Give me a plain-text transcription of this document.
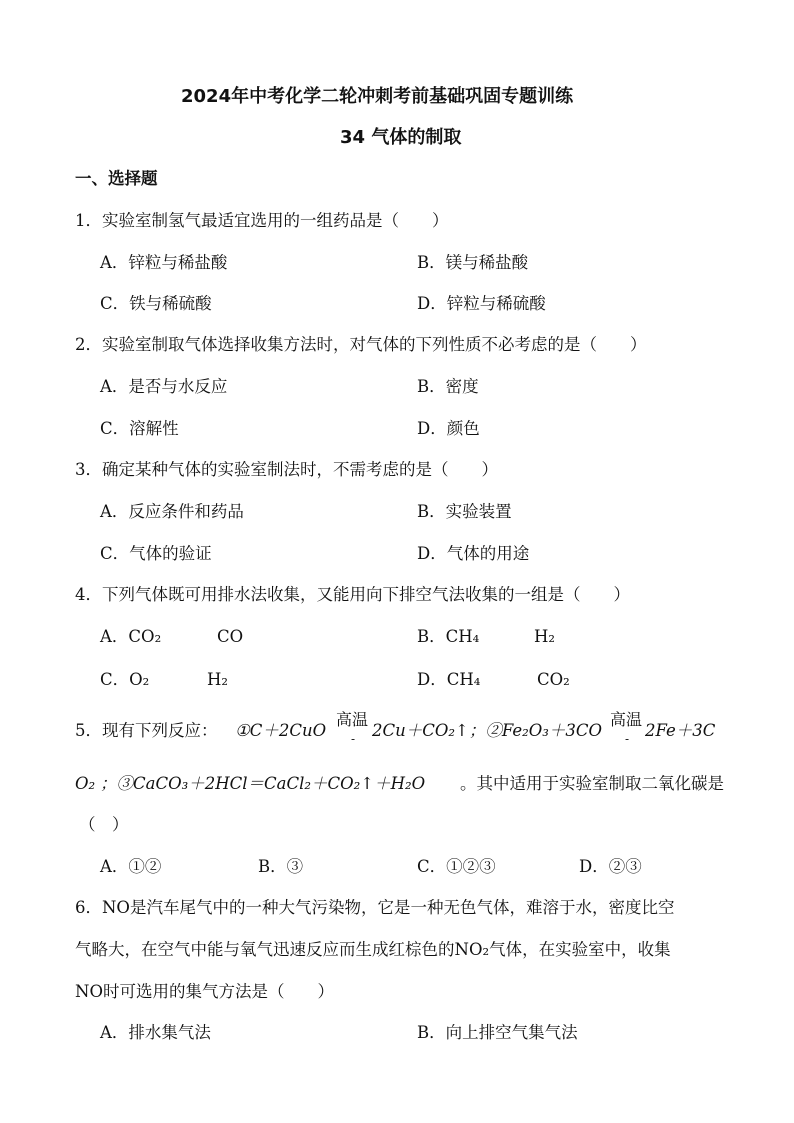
2024年中考化学二轮冲刺考前基础巩固专题训练
34 气体的制取
一、选择题
1．实验室制氢气最适宜选用的一组药品是（　　）
A．锌粒与稀盐酸	B．镁与稀盐酸
C．铁与稀硫酸	D．锌粒与稀硫酸
2．实验室制取气体选择收集方法时，对气体的下列性质不必考虑的是（　　）
A．是否与水反应	B．密度
C．溶解性	D．颜色
3．确定某种气体的实验室制法时，不需考虑的是（　　）
A．反应条件和药品	B．实验装置
C．气体的验证	D．气体的用途
4．下列气体既可用排水法收集，又能用向下排空气法收集的一组是（　　）
A．CO₂	CO	B．CH₄	H₂
C．O₂	H₂	D．CH₄	CO₂
5．现有下列反应： ①C＋2CuO
高温
- 2Cu＋CO₂↑；②Fe₂O₃＋3CO
高温
- 2Fe＋3C
O₂ ；③CaCO₃＋2HCl＝CaCl₂＋CO₂↑＋H₂O 。其中适用于实验室制取二氧化碳是
（　）
A．①②	B．③	C．①②③	D．②③
6．NO是汽车尾气中的一种大气污染物，它是一种无色气体，难溶于水，密度比空
气略大，在空气中能与氧气迅速反应而生成红棕色的NO₂气体，在实验室中，收集
NO时可选用的集气方法是（　　）
A．排水集气法	B．向上排空气集气法
